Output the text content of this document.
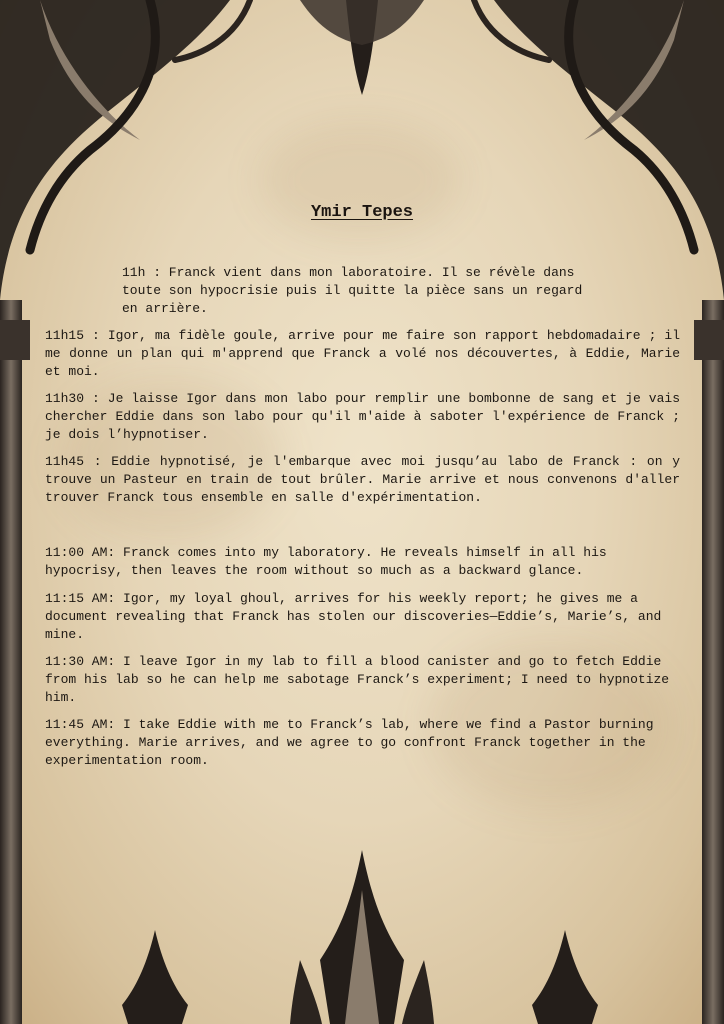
Ymir Tepes

11h : Franck vient dans mon laboratoire. Il se révèle dans toute son hypocrisie puis il quitte la pièce sans un regard en arrière.

11h15 : Igor, ma fidèle goule, arrive pour me faire son rapport hebdomadaire ; il me donne un plan qui m'apprend que Franck a volé nos découvertes, à Eddie, Marie et moi.

11h30 : Je laisse Igor dans mon labo pour remplir une bombonne de sang et je vais chercher Eddie dans son labo pour qu'il m'aide à saboter l'expérience de Franck ; je dois l’hypnotiser.

11h45 : Eddie hypnotisé, je l'embarque avec moi jusqu’au labo de Franck : on y trouve un Pasteur en train de tout brûler. Marie arrive et nous convenons d'aller trouver Franck tous ensemble en salle d'expérimentation.

11:00 AM: Franck comes into my laboratory. He reveals himself in all his hypocrisy, then leaves the room without so much as a backward glance.

11:15 AM: Igor, my loyal ghoul, arrives for his weekly report; he gives me a document revealing that Franck has stolen our discoveries—Eddie’s, Marie’s, and mine.

11:30 AM: I leave Igor in my lab to fill a blood canister and go to fetch Eddie from his lab so he can help me sabotage Franck’s experiment; I need to hypnotize him.

11:45 AM: I take Eddie with me to Franck’s lab, where we find a Pastor burning everything. Marie arrives, and we agree to go confront Franck together in the experimentation room.
